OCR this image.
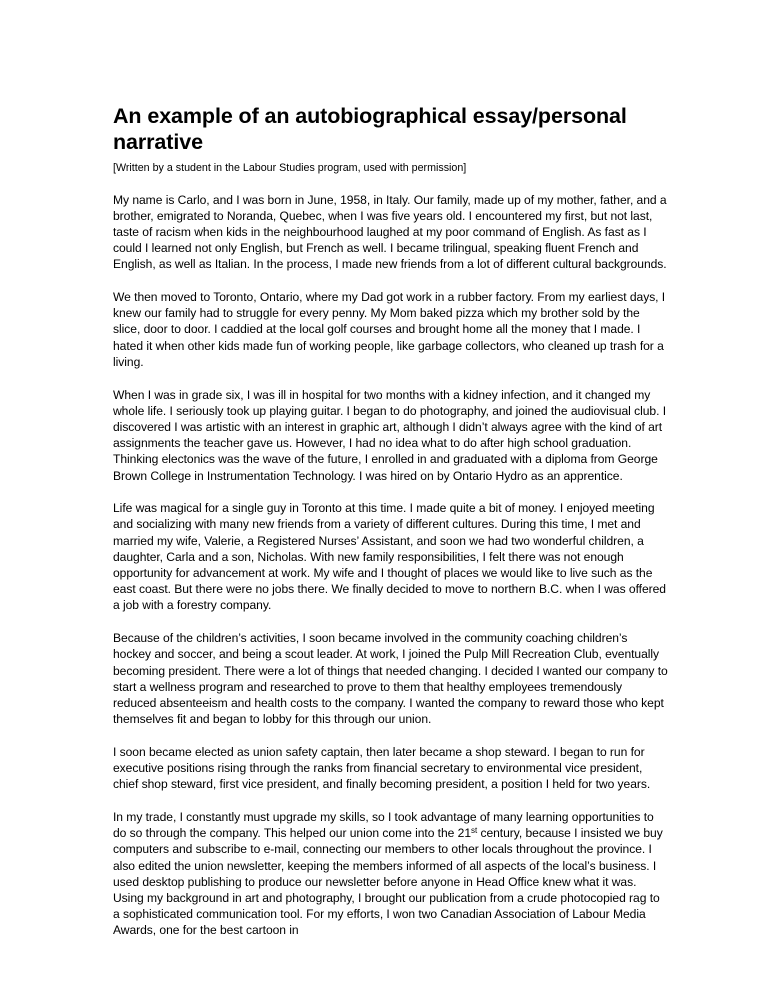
An example of an autobiographical essay/personal narrative

[Written by a student in the Labour Studies program, used with permission]

My name is Carlo, and I was born in June, 1958, in Italy. Our family, made up of my mother, father, and a brother, emigrated to Noranda, Quebec, when I was five years old. I encountered my first, but not last, taste of racism when kids in the neighbourhood laughed at my poor command of English. As fast as I could I learned not only English, but French as well. I became trilingual, speaking fluent French and English, as well as Italian. In the process, I made new friends from a lot of different cultural backgrounds.

We then moved to Toronto, Ontario, where my Dad got work in a rubber factory. From my earliest days, I knew our family had to struggle for every penny. My Mom baked pizza which my brother sold by the slice, door to door. I caddied at the local golf courses and brought home all the money that I made. I hated it when other kids made fun of working people, like garbage collectors, who cleaned up trash for a living.

When I was in grade six, I was ill in hospital for two months with a kidney infection, and it changed my whole life. I seriously took up playing guitar. I began to do photography, and joined the audiovisual club. I discovered I was artistic with an interest in graphic art, although I didn’t always agree with the kind of art assignments the teacher gave us. However, I had no idea what to do after high school graduation. Thinking electonics was the wave of the future, I enrolled in and graduated with a diploma from George Brown College in Instrumentation Technology. I was hired on by Ontario Hydro as an apprentice.

Life was magical for a single guy in Toronto at this time. I made quite a bit of money. I enjoyed meeting and socializing with many new friends from a variety of different cultures. During this time, I met and married my wife, Valerie, a Registered Nurses’ Assistant, and soon we had two wonderful children, a daughter, Carla and a son, Nicholas. With new family responsibilities, I felt there was not enough opportunity for advancement at work. My wife and I thought of places we would like to live such as the east coast. But there were no jobs there. We finally decided to move to northern B.C. when I was offered a job with a forestry company.

Because of the children’s activities, I soon became involved in the community coaching children’s hockey and soccer, and being a scout leader. At work, I joined the Pulp Mill Recreation Club, eventually becoming president. There were a lot of things that needed changing. I decided I wanted our company to start a wellness program and researched to prove to them that healthy employees tremendously reduced absenteeism and health costs to the company. I wanted the company to reward those who kept themselves fit and began to lobby for this through our union.

I soon became elected as union safety captain, then later became a shop steward. I began to run for executive positions rising through the ranks from financial secretary to environmental vice president, chief shop steward, first vice president, and finally becoming president, a position I held for two years.

In my trade, I constantly must upgrade my skills, so I took advantage of many learning opportunities to do so through the company. This helped our union come into the 21st century, because I insisted we buy computers and subscribe to e-mail, connecting our members to other locals throughout the province. I also edited the union newsletter, keeping the members informed of all aspects of the local’s business. I used desktop publishing to produce our newsletter before anyone in Head Office knew what it was. Using my background in art and photography, I brought our publication from a crude photocopied rag to a sophisticated communication tool. For my efforts, I won two Canadian Association of Labour Media Awards, one for the best cartoon in
